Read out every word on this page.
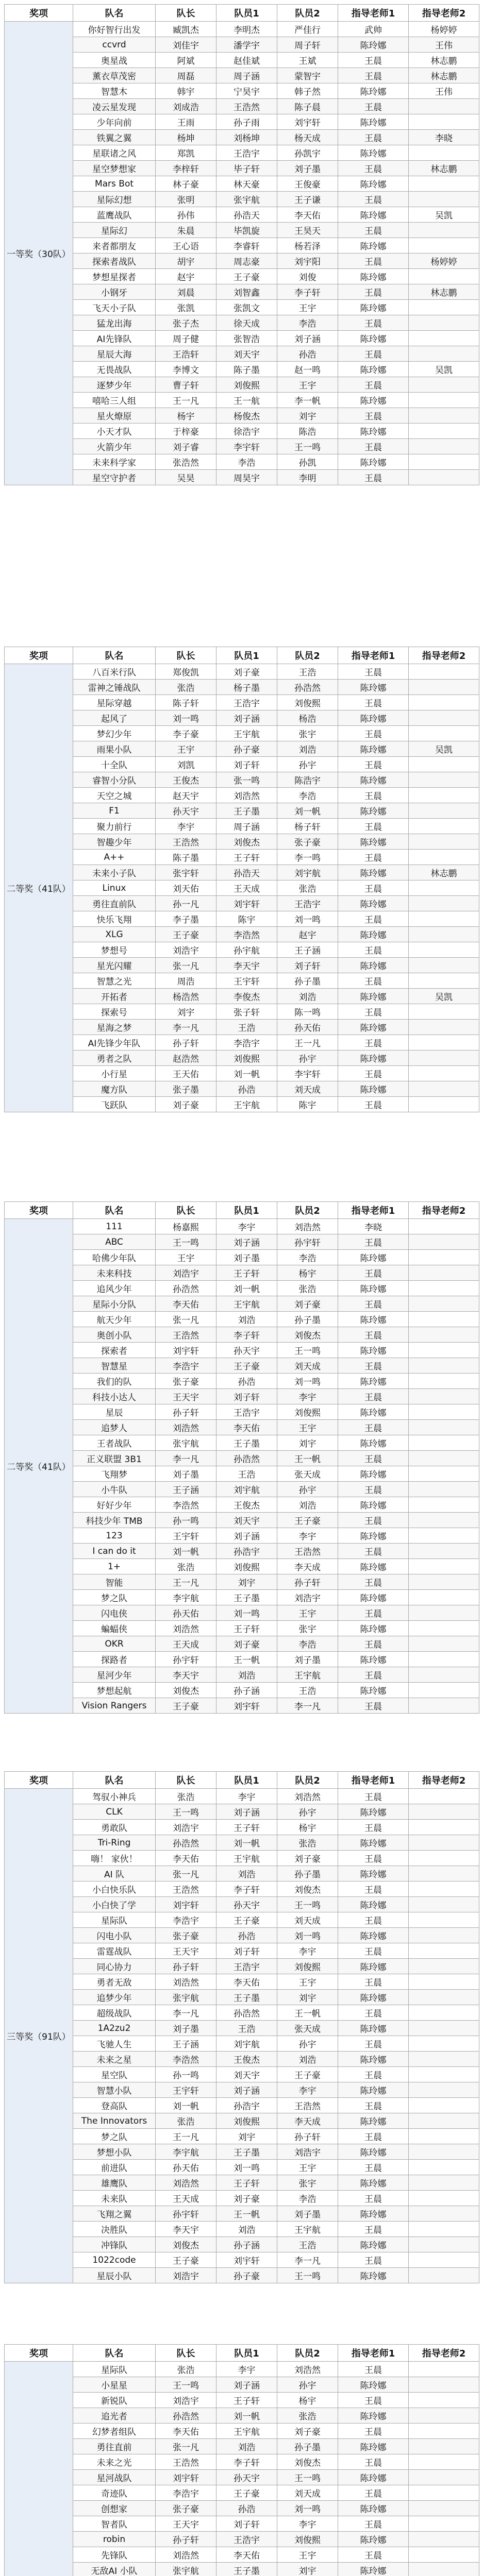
奖项	队名	队长	队员1	队员2	指导老师1	指导老师2
一等奖（30队）	你好智行出发	臧凯杰	李明杰	严佳行	武帅	杨婷婷
	ccvrd	刘佳宇	潘学宇	周子轩	陈玲娜	王伟
	奥星战	阿斌	赵佳斌	王斌	王晨	林志鹏
	薰衣草茂密	周磊	周子涵	蒙智宇	王晨	林志鹏
	智慧木	韩宇	宁昊宇	韩子然	陈玲娜	王伟
	凌云星发现	刘成浩	王浩然	陈子晨	王晨	
	少年向前	王雨	孙子雨	刘宇轩	陈玲娜	
	铁翼之翼	杨坤	刘杨坤	杨天成	王晨	李晓
	星联诸之风	郑凯	王浩宇	孙凯宇	陈玲娜	
	星空梦想家	李梓轩	毕子轩	刘子墨	王晨	林志鹏
	Mars Bot	林子豪	林天豪	王俊豪	陈玲娜	
	星际幻想	张明	张宇航	王子谦	王晨	
	蓝鹰战队	孙伟	孙浩天	李天佑	陈玲娜	吴凯
	星际幻	朱晨	毕凯旋	王昊天	王晨	
	来者都朋友	王心语	李睿轩	杨若泽	陈玲娜	
	探索者战队	胡宇	周志豪	刘宇阳	王晨	杨婷婷
	梦想星探者	赵宇	王子豪	刘俊	陈玲娜	
	小钢牙	刘晨	刘智鑫	李子轩	王晨	林志鹏
	飞天小子队	张凯	张凯文	王宇	陈玲娜	
	猛龙出海	张子杰	徐天成	李浩	王晨	
	AI先锋队	周子健	张智浩	刘子涵	陈玲娜	
	星辰大海	王浩轩	刘天宇	孙浩	王晨	
	无畏战队	李博文	陈子墨	赵一鸣	陈玲娜	吴凯
	逐梦少年	曹子轩	刘俊熙	王宇	王晨	
	嘻哈三人组	王一凡	王一航	李一帆	陈玲娜	
	星火燎原	杨宇	杨俊杰	刘宇	王晨	
	小天才队	于梓豪	徐浩宇	陈浩	陈玲娜	
	火箭少年	刘子睿	李宇轩	王一鸣	王晨	
	未来科学家	张浩然	李浩	孙凯	陈玲娜	
	星空守护者	吴昊	周昊宇	李明	王晨	
奖项	队名	队长	队员1	队员2	指导老师1	指导老师2
二等奖（41队）	八百米行队	郑俊凯	刘子豪	王浩	王晨	
	雷神之锤战队	张浩	杨子墨	孙浩然	陈玲娜	
	星际穿越	陈子轩	王浩宇	刘俊熙	王晨	
	起风了	刘一鸣	刘子涵	杨浩	陈玲娜	
	梦幻少年	李子豪	王宇航	张宇	王晨	
	雨果小队	王宇	孙子豪	刘浩	陈玲娜	吴凯
	十全队	刘凯	刘子轩	孙宇	王晨	
	睿智小分队	王俊杰	张一鸣	陈浩宇	陈玲娜	
	天空之城	赵天宇	刘浩然	李浩	王晨	
	F1	孙天宇	王子墨	刘一帆	陈玲娜	
	聚力前行	李宇	周子涵	杨子轩	王晨	
	智趣少年	王浩然	刘俊杰	张子豪	陈玲娜	
	A++	陈子墨	王子轩	李一鸣	王晨	
	未来小子队	张宇轩	孙浩天	刘宇航	陈玲娜	林志鹏
	Linux	刘天佑	王天成	张浩	王晨	
	勇往直前队	孙一凡	刘宇轩	王浩宇	陈玲娜	
	快乐飞翔	李子墨	陈宇	刘一鸣	王晨	
	XLG	王子豪	李浩然	赵宇	陈玲娜	
	梦想号	刘浩宇	孙宇航	王子涵	王晨	
	星光闪耀	张一凡	李天宇	刘子轩	陈玲娜	
	智慧之光	周浩	王宇轩	孙子墨	王晨	
	开拓者	杨浩然	李俊杰	刘浩	陈玲娜	吴凯
	探索号	刘宇	张子轩	陈一鸣	王晨	
	星海之梦	李一凡	王浩	孙天佑	陈玲娜	
	AI先锋少年队	孙子轩	李浩宇	王一凡	王晨	
	勇者之队	赵浩然	刘俊熙	孙宇	陈玲娜	
	小行星	王天佑	刘一帆	李宇轩	王晨	
	魔方队	张子墨	孙浩	刘天成	陈玲娜	
	飞跃队	刘子豪	王宇航	陈宇	王晨	
奖项	队名	队长	队员1	队员2	指导老师1	指导老师2
二等奖（41队）	111	杨嘉熙	李宇	刘浩然	李晓	
	ABC	王一鸣	刘子涵	孙宇轩	王晨	
	哈佛少年队	王宇	刘子墨	李浩	陈玲娜	
	未来科技	刘浩宇	王子轩	杨宇	王晨	
	追风少年	孙浩然	刘一帆	张浩	陈玲娜	
	星际小分队	李天佑	王宇航	刘子豪	王晨	
	航天少年	张一凡	刘浩	孙子墨	陈玲娜	
	奥创小队	王浩然	李子轩	刘俊杰	王晨	
	探索者	刘宇轩	孙天宇	王一鸣	陈玲娜	
	智慧星	李浩宇	王子豪	刘天成	王晨	
	我们的队	张子豪	孙浩	刘一鸣	陈玲娜	
	科技小达人	王天宇	刘子轩	李宇	王晨	
	星辰	孙子轩	王浩宇	刘俊熙	陈玲娜	
	追梦人	刘浩然	李天佑	王宇	王晨	
	王者战队	张宇航	王子墨	刘宇	陈玲娜	
	正义联盟 3B1	李一凡	孙浩然	王一帆	王晨	
	飞翔梦	刘子墨	王浩	张天成	陈玲娜	
	小牛队	王子涵	刘宇航	孙宇	王晨	
	好好少年	李浩然	王俊杰	刘浩	陈玲娜	
	科技少年 TMB	孙一鸣	刘天宇	王子豪	王晨	
	123	王宇轩	刘子涵	李宇	陈玲娜	
	I can do it	刘一帆	孙浩宇	王浩然	王晨	
	1+	张浩	刘俊熙	李天成	陈玲娜	
	智能	王一凡	刘宇	孙子轩	王晨	
	梦之队	李宇航	王子墨	刘浩宇	陈玲娜	
	闪电侠	孙天佑	刘一鸣	王宇	王晨	
	蝙蝠侠	刘浩然	王子轩	张宇	陈玲娜	
	OKR	王天成	刘子豪	李浩	王晨	
	探路者	孙宇轩	王一帆	刘子墨	陈玲娜	
	星河少年	李天宇	刘浩	王宇航	王晨	
	梦想起航	刘俊杰	孙子涵	王浩	陈玲娜	
	Vision Rangers	王子豪	刘宇轩	李一凡	王晨	
奖项	队名	队长	队员1	队员2	指导老师1	指导老师2
三等奖（91队）	驾驭小神兵	张浩	李宇	刘浩然	王晨	
	CLK	王一鸣	刘子涵	孙宇	陈玲娜	
	勇敢队	刘浩宇	王子轩	杨宇	王晨	
	Tri-Ring	孙浩然	刘一帆	张浩	陈玲娜	
	嗨！ 家伙！	李天佑	王宇航	刘子豪	王晨	
	AI 队	张一凡	刘浩	孙子墨	陈玲娜	
	小白快乐队	王浩然	李子轩	刘俊杰	王晨	
	小白快了学	刘宇轩	孙天宇	王一鸣	陈玲娜	
	星际队	李浩宇	王子豪	刘天成	王晨	
	闪电小队	张子豪	孙浩	刘一鸣	陈玲娜	
	雷霆战队	王天宇	刘子轩	李宇	王晨	
	同心协力	孙子轩	王浩宇	刘俊熙	陈玲娜	
	勇者无敌	刘浩然	李天佑	王宇	王晨	
	追梦少年	张宇航	王子墨	刘宇	陈玲娜	
	超级战队	李一凡	孙浩然	王一帆	王晨	
	1A2zu2	刘子墨	王浩	张天成	陈玲娜	
	飞驰人生	王子涵	刘宇航	孙宇	王晨	
	未来之星	李浩然	王俊杰	刘浩	陈玲娜	
	星空队	孙一鸣	刘天宇	王子豪	王晨	
	智慧小队	王宇轩	刘子涵	李宇	陈玲娜	
	登高队	刘一帆	孙浩宇	王浩然	王晨	
	The Innovators	张浩	刘俊熙	李天成	陈玲娜	
	梦之队	王一凡	刘宇	孙子轩	王晨	
	梦想小队	李宇航	王子墨	刘浩宇	陈玲娜	
	前进队	孙天佑	刘一鸣	王宇	王晨	
	雄鹰队	刘浩然	王子轩	张宇	陈玲娜	
	未来队	王天成	刘子豪	李浩	王晨	
	飞翔之翼	孙宇轩	王一帆	刘子墨	陈玲娜	
	决胜队	李天宇	刘浩	王宇航	王晨	
	冲锋队	刘俊杰	孙子涵	王浩	陈玲娜	
	1022code	王子豪	刘宇轩	李一凡	王晨	
	星辰小队	刘浩宇	孙子豪	王一鸣	陈玲娜	
奖项	队名	队长	队员1	队员2	指导老师1	指导老师2
	星际队	张浩	李宇	刘浩然	王晨	
	小星星	王一鸣	刘子涵	孙宇	陈玲娜	
	新锐队	刘浩宇	王子轩	杨宇	王晨	
	追光者	孙浩然	刘一帆	张浩	陈玲娜	
	幻梦者组队	李天佑	王宇航	刘子豪	王晨	
	勇往直前	张一凡	刘浩	孙子墨	陈玲娜	
	未来之光	王浩然	李子轩	刘俊杰	王晨	
	星河战队	刘宇轩	孙天宇	王一鸣	陈玲娜	
	奇迹队	李浩宇	王子豪	刘天成	王晨	
	创想家	张子豪	孙浩	刘一鸣	陈玲娜	
	智者队	王天宇	刘子轩	李宇	王晨	
	robin	孙子轩	王浩宇	刘俊熙	陈玲娜	
	先锋队	刘浩然	李天佑	王宇	王晨	
	无敌AI 小队	张宇航	王子墨	刘宇	陈玲娜	
